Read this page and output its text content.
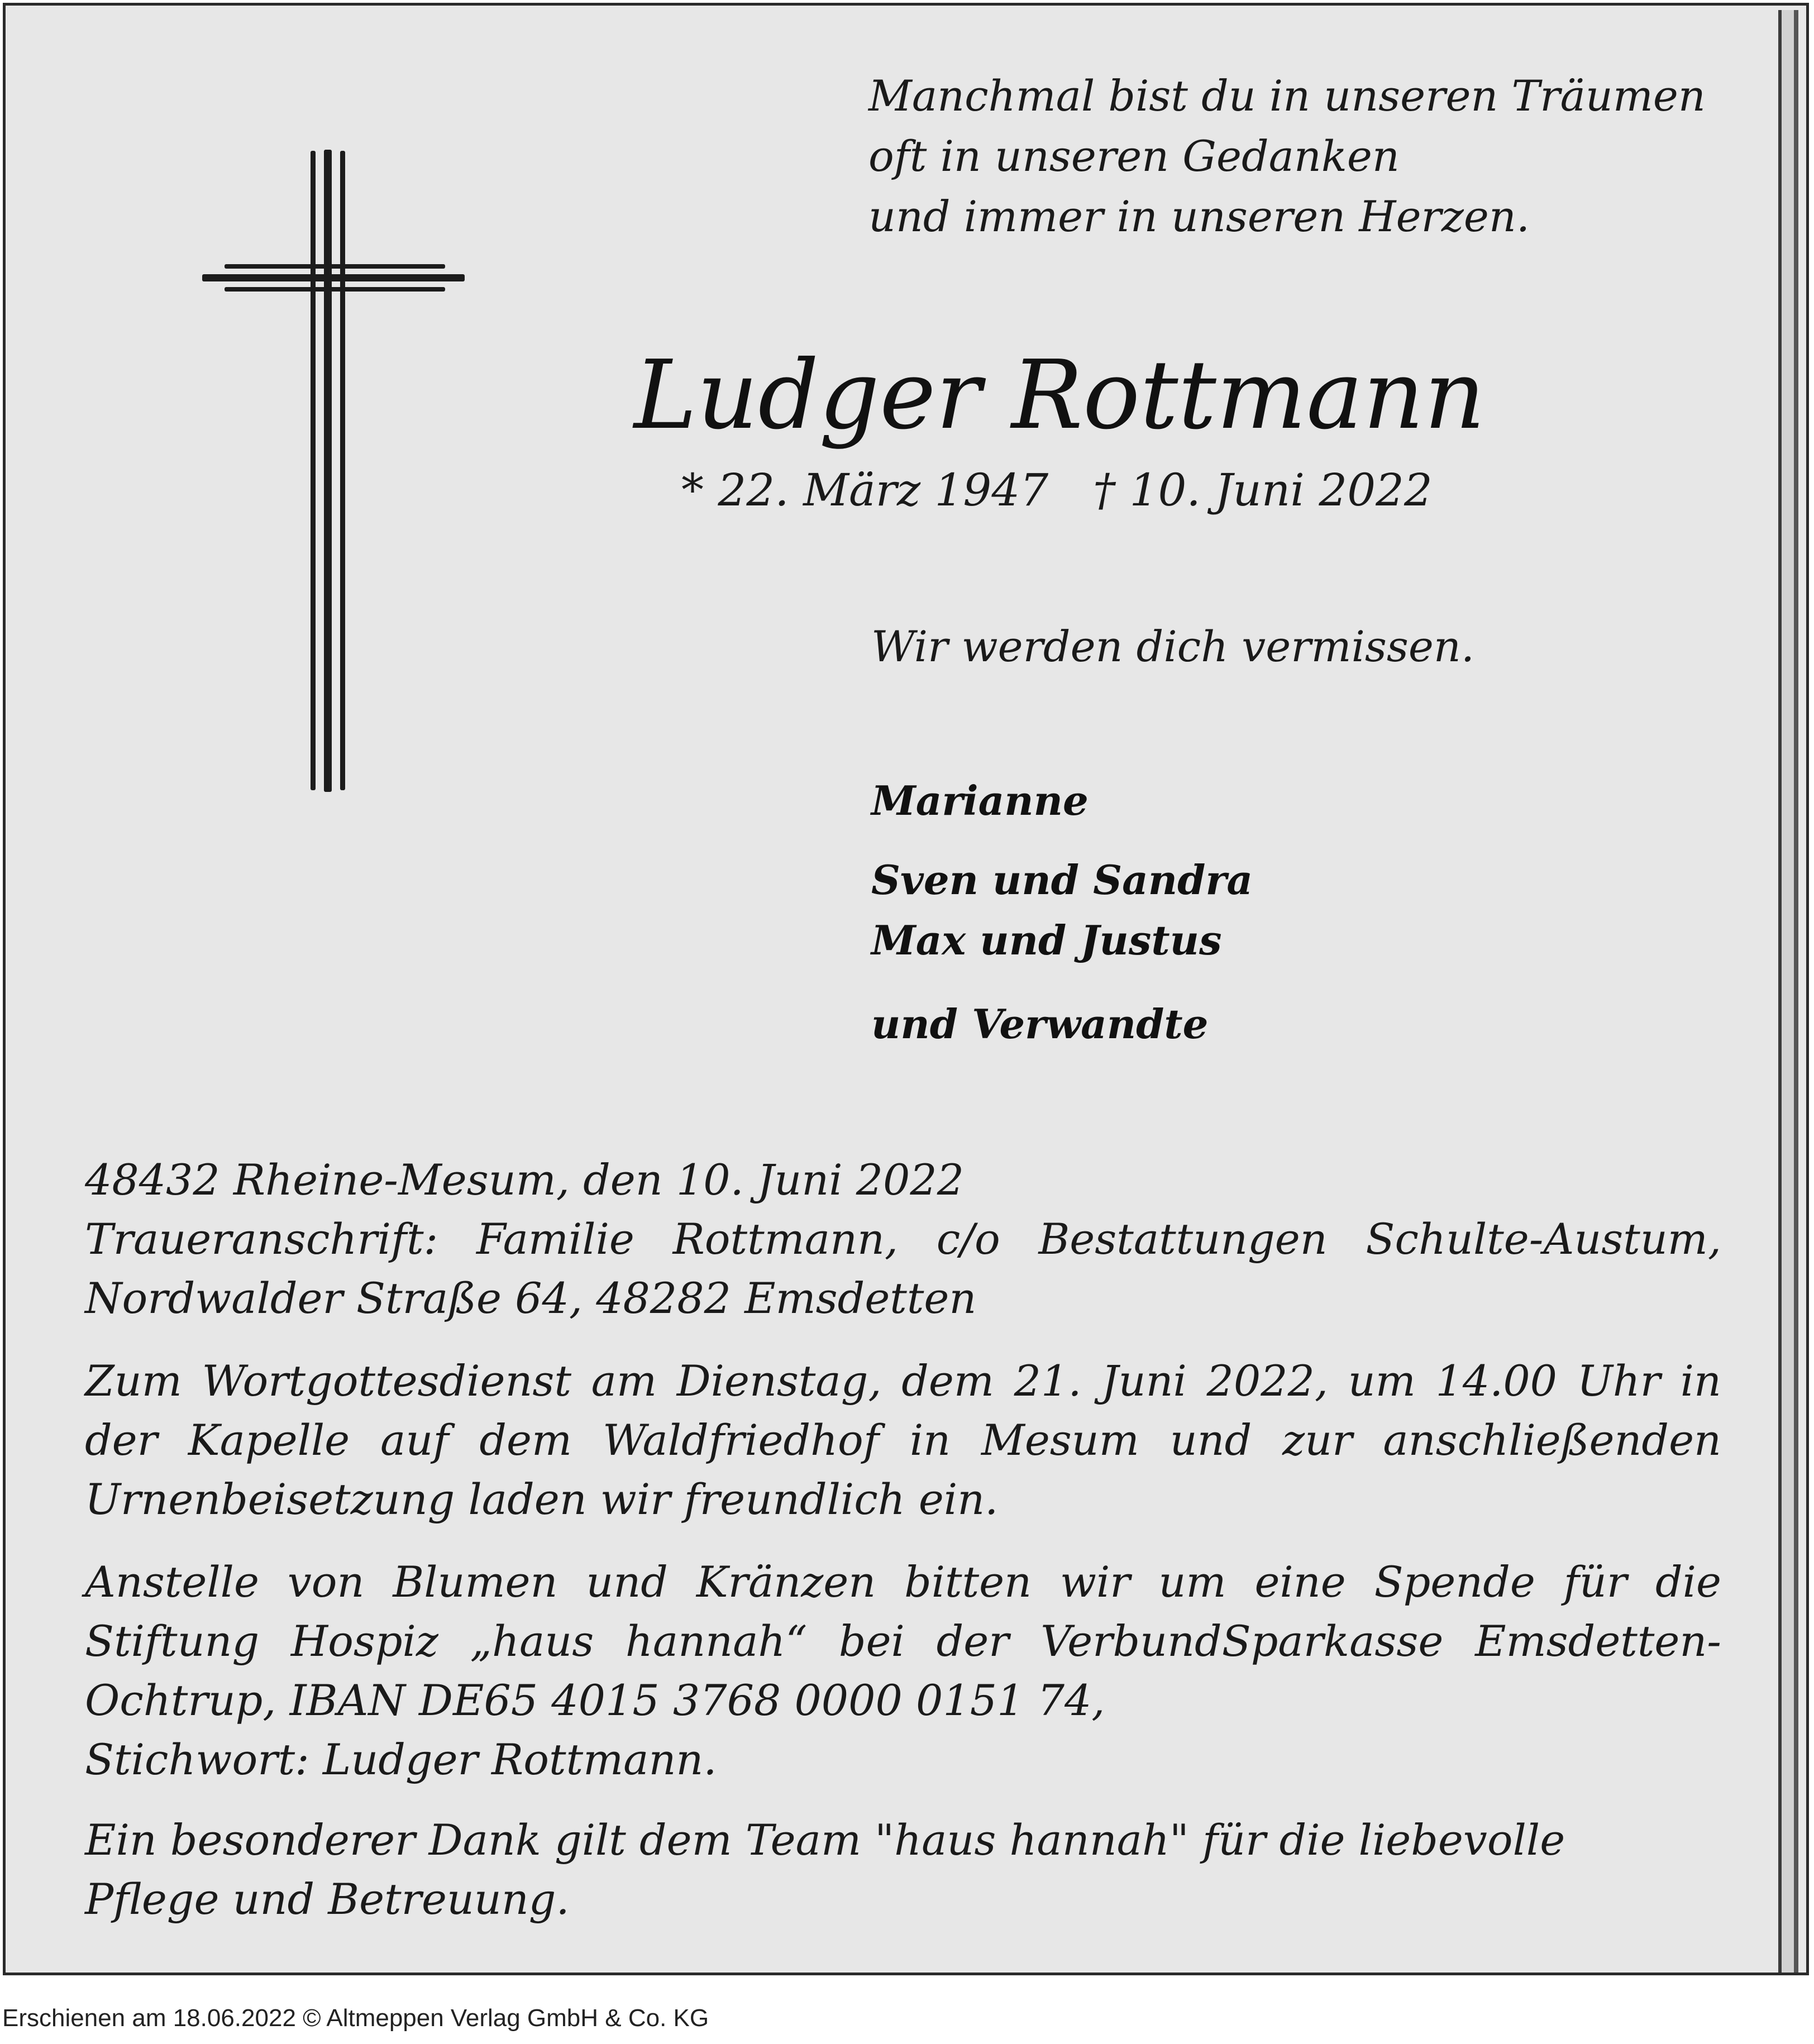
Manchmal bist du in unseren Träumen
oft in unseren Gedanken
und immer in unseren Herzen.
Ludger Rottmann
* 22. März 1947 † 10. Juni 2022
Wir werden dich vermissen.
Marianne
Sven und Sandra
Max und Justus
und Verwandte
48432 Rheine-Mesum, den 10. Juni 2022
Traueranschrift: Familie Rottmann, c/o Bestattungen Schulte-Austum,
Nordwalder Straße 64, 48282 Emsdetten
Zum Wortgottesdienst am Dienstag, dem 21. Juni 2022, um 14.00 Uhr in
der Kapelle auf dem Waldfriedhof in Mesum und zur anschließenden
Urnenbeisetzung laden wir freundlich ein.
Anstelle von Blumen und Kränzen bitten wir um eine Spende für die
Stiftung Hospiz „haus hannah“ bei der VerbundSparkasse Emsdetten-
Ochtrup, IBAN DE65 4015 3768 0000 0151 74,
Stichwort: Ludger Rottmann.
Ein besonderer Dank gilt dem Team "haus hannah" für die liebevolle
Pflege und Betreuung.
Erschienen am 18.06.2022 © Altmeppen Verlag GmbH & Co. KG
